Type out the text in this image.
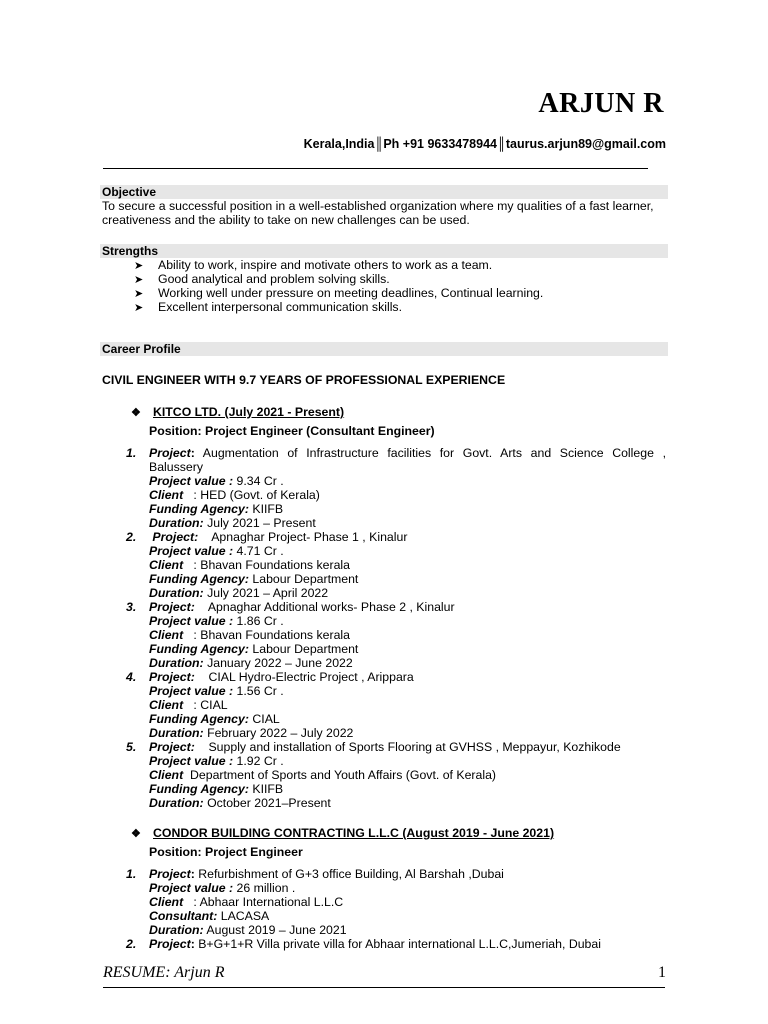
ARJUN R
Kerala,India║Ph +91 9633478944║taurus.arjun89@gmail.com
Objective
To secure a successful position in a well-established organization where my qualities of a fast learner, creativeness and the ability to take on new challenges can be used.
Strengths
➤ Ability to work, inspire and motivate others to work as a team.
➤ Good analytical and problem solving skills.
➤ Working well under pressure on meeting deadlines, Continual learning.
➤ Excellent interpersonal communication skills.
Career Profile
CIVIL ENGINEER WITH 9.7 YEARS OF PROFESSIONAL EXPERIENCE
❖ KITCO LTD. (July 2021 - Present)
Position: Project Engineer (Consultant Engineer)
1. Project: Augmentation of Infrastructure facilities for Govt. Arts and Science College ,
Balussery
Project value : 9.34 Cr .
Client   : HED (Govt. of Kerala)
Funding Agency: KIIFB
Duration: July 2021 – Present
2. Project: Apnaghar Project- Phase 1 , Kinalur
Project value : 4.71 Cr .
Client   : Bhavan Foundations kerala
Funding Agency: Labour Department
Duration: July 2021 – April 2022
3. Project: Apnaghar Additional works- Phase 2 , Kinalur
Project value : 1.86 Cr .
Client   : Bhavan Foundations kerala
Funding Agency: Labour Department
Duration: January 2022 – June 2022
4. Project: CIAL Hydro-Electric Project , Arippara
Project value : 1.56 Cr .
Client   : CIAL
Funding Agency: CIAL
Duration: February 2022 – July 2022
5. Project: Supply and installation of Sports Flooring at GVHSS , Meppayur, Kozhikode
Project value : 1.92 Cr .
Client Department of Sports and Youth Affairs (Govt. of Kerala)
Funding Agency: KIIFB
Duration: October 2021–Present
❖ CONDOR BUILDING CONTRACTING L.L.C (August 2019 - June 2021)
Position: Project Engineer
1. Project: Refurbishment of G+3 office Building, Al Barshah ,Dubai
Project value : 26 million .
Client   : Abhaar International L.L.C
Consultant: LACASA
Duration: August 2019 – June 2021
2. Project: B+G+1+R Villa private villa for Abhaar international L.L.C,Jumeriah, Dubai
RESUME: Arjun R	1
